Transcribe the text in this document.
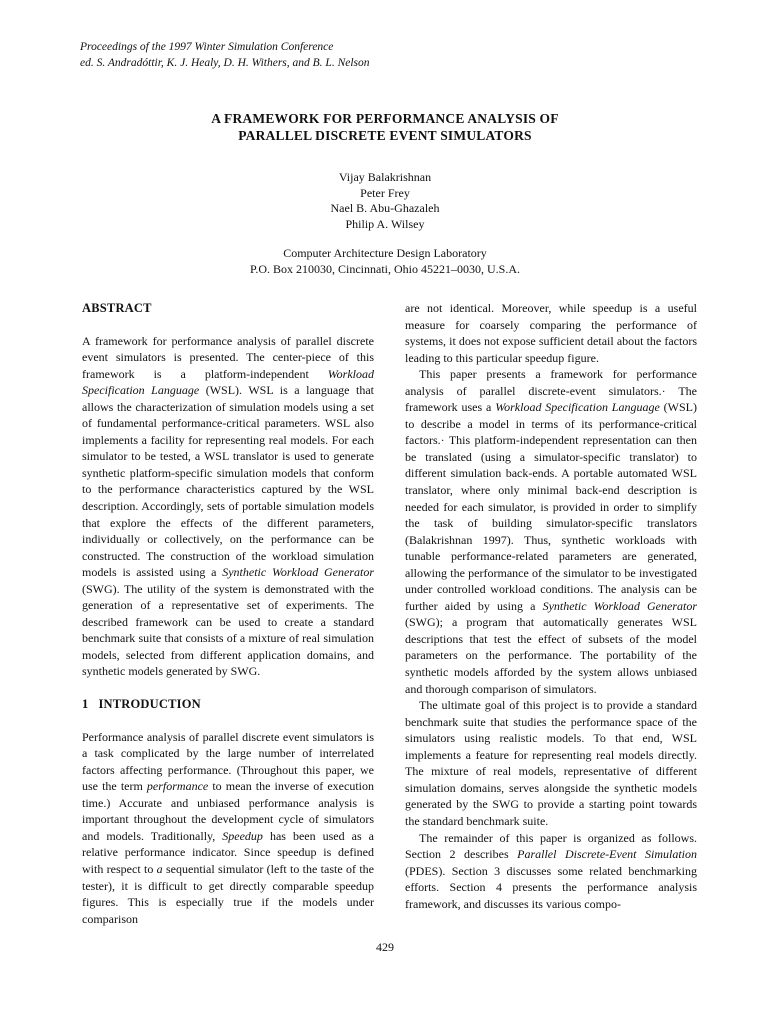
Proceedings of the 1997 Winter Simulation Conference
ed. S. Andradóttir, K. J. Healy, D. H. Withers, and B. L. Nelson
A FRAMEWORK FOR PERFORMANCE ANALYSIS OF
PARALLEL DISCRETE EVENT SIMULATORS
Vijay Balakrishnan
Peter Frey
Nael B. Abu-Ghazaleh
Philip A. Wilsey
Computer Architecture Design Laboratory
P.O. Box 210030, Cincinnati, Ohio 45221–0030, U.S.A.

ABSTRACT

A framework for performance analysis of parallel discrete event simulators is presented. The center-piece of this framework is a platform-independent Workload Specification Language (WSL). WSL is a language that allows the characterization of simulation models using a set of fundamental performance-critical parameters. WSL also implements a facility for representing real models. For each simulator to be tested, a WSL translator is used to generate synthetic platform-specific simulation models that conform to the performance characteristics captured by the WSL description. Accordingly, sets of portable simulation models that explore the effects of the different parameters, individually or collectively, on the performance can be constructed. The construction of the workload simulation models is assisted using a Synthetic Workload Generator (SWG). The utility of the system is demonstrated with the generation of a representative set of experiments. The described framework can be used to create a standard benchmark suite that consists of a mixture of real simulation models, selected from different application domains, and synthetic models generated by SWG.

1 INTRODUCTION

Performance analysis of parallel discrete event simulators is a task complicated by the large number of interrelated factors affecting performance. (Throughout this paper, we use the term performance to mean the inverse of execution time.) Accurate and unbiased performance analysis is important throughout the development cycle of simulators and models. Traditionally, Speedup has been used as a relative performance indicator. Since speedup is defined with respect to a sequential simulator (left to the taste of the tester), it is difficult to get directly comparable speedup figures. This is especially true if the models under comparison

are not identical. Moreover, while speedup is a useful measure for coarsely comparing the performance of systems, it does not expose sufficient detail about the factors leading to this particular speedup figure.

This paper presents a framework for performance analysis of parallel discrete-event simulators.· The framework uses a Workload Specification Language (WSL) to describe a model in terms of its performance-critical factors.· This platform-independent representation can then be translated (using a simulator-specific translator) to different simulation back-ends. A portable automated WSL translator, where only minimal back-end description is needed for each simulator, is provided in order to simplify the task of building simulator-specific translators (Balakrishnan 1997). Thus, synthetic workloads with tunable performance-related parameters are generated, allowing the performance of the simulator to be investigated under controlled workload conditions. The analysis can be further aided by using a Synthetic Workload Generator (SWG); a program that automatically generates WSL descriptions that test the effect of subsets of the model parameters on the performance. The portability of the synthetic models afforded by the system allows unbiased and thorough comparison of simulators.

The ultimate goal of this project is to provide a standard benchmark suite that studies the performance space of the simulators using realistic models. To that end, WSL implements a feature for representing real models directly. The mixture of real models, representative of different simulation domains, serves alongside the synthetic models generated by the SWG to provide a starting point towards the standard benchmark suite.

The remainder of this paper is organized as follows. Section 2 describes Parallel Discrete-Event Simulation (PDES). Section 3 discusses some related benchmarking efforts. Section 4 presents the performance analysis framework, and discusses its various compo-

429
